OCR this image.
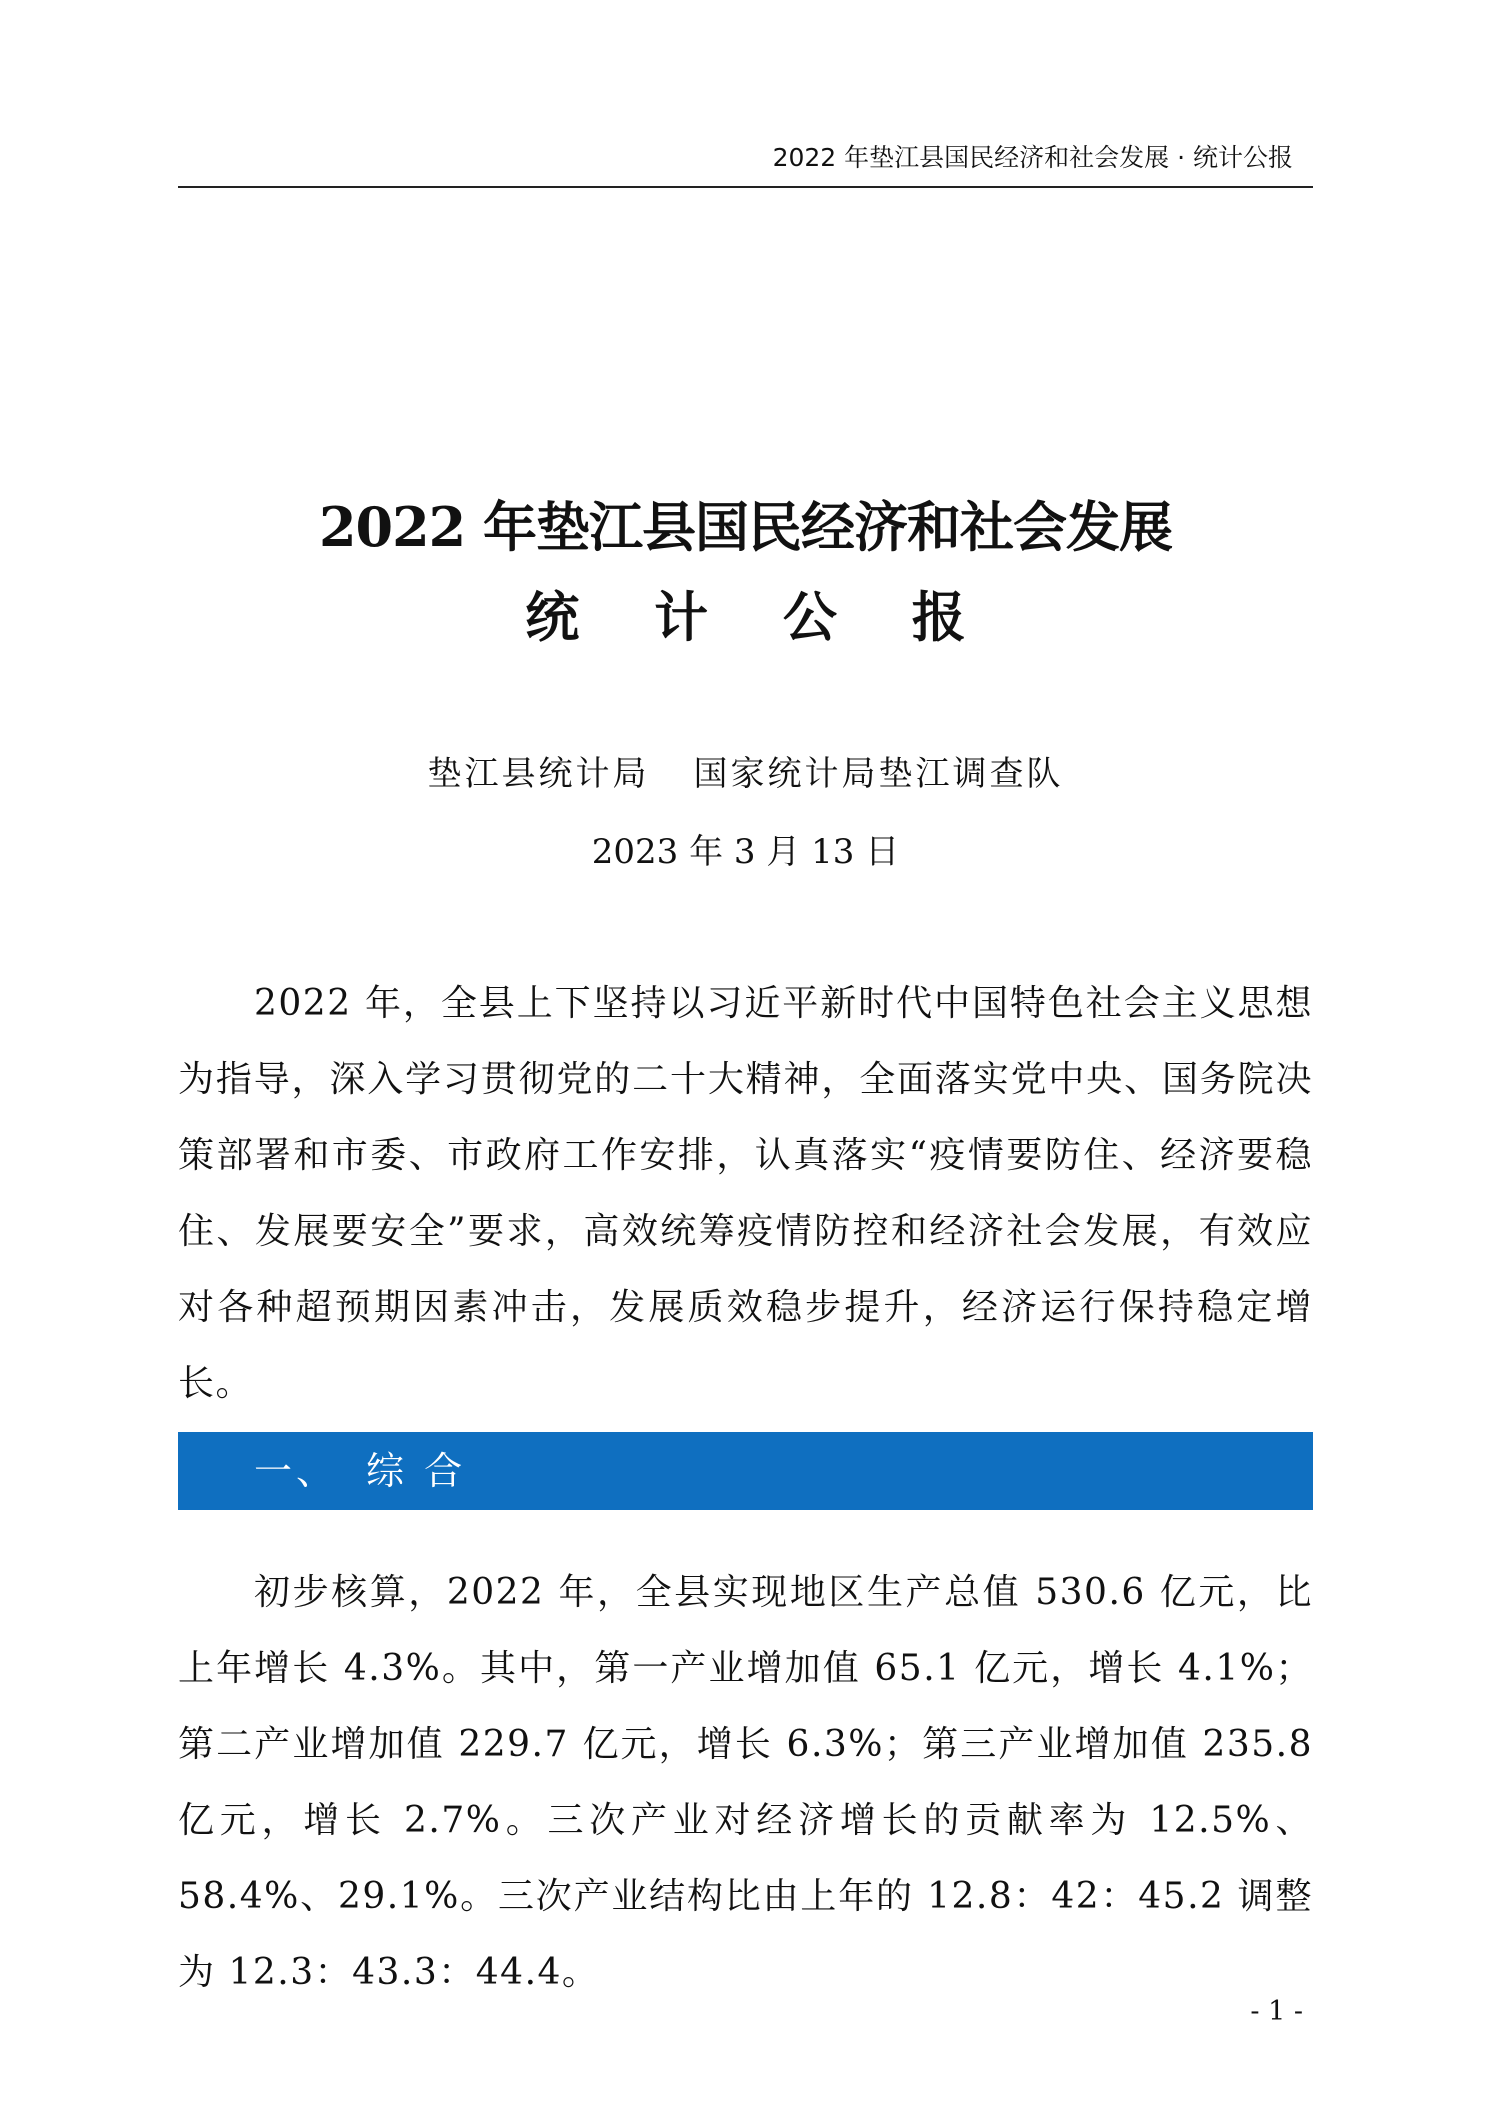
2022 年垫江县国民经济和社会发展 · 统计公报
2022 年垫江县国民经济和社会发展
统 计 公 报
垫江县统计局 国家统计局垫江调查队
2023 年 3 月 13 日

2022 年，全县上下坚持以习近平新时代中国特色社会主义思想为指导，深入学习贯彻党的二十大精神，全面落实党中央、国务院决策部署和市委、市政府工作安排，认真落实“疫情要防住、经济要稳住、发展要安全”要求，高效统筹疫情防控和经济社会发展，有效应对各种超预期因素冲击，发展质效稳步提升，经济运行保持稳定增长。

一、 综 合

初步核算，2022 年，全县实现地区生产总值 530.6 亿元，比上年增长 4.3%。其中，第一产业增加值 65.1 亿元，增长 4.1%；第二产业增加值 229.7 亿元，增长 6.3%；第三产业增加值 235.8 亿元，增长 2.7%。三次产业对经济增长的贡献率为 12.5%、58.4%、29.1%。三次产业结构比由上年的 12.8：42：45.2 调整为 12.3：43.3：44.4。

- 1 -
